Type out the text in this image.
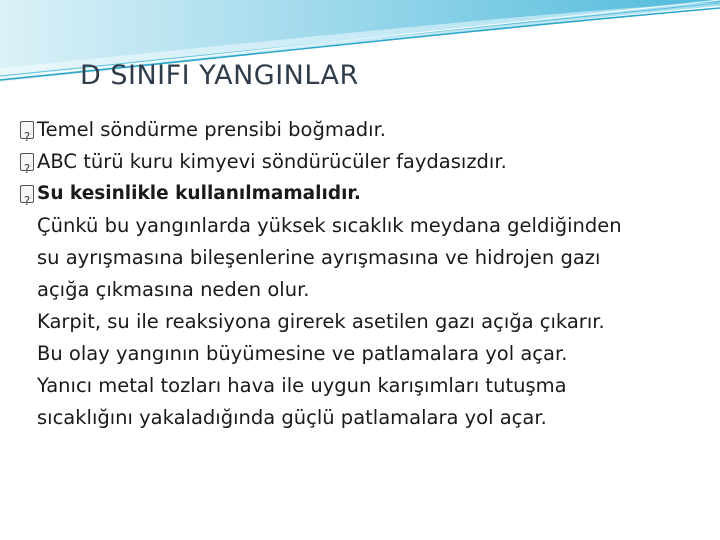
D SINIFI YANGINLAR
?
Temel söndürme prensibi boğmadır.
?
ABC türü kuru kimyevi söndürücüler faydasızdır.
?
Su kesinlikle kullanılmamalıdır.
Çünkü bu yangınlarda yüksek sıcaklık meydana geldiğinden
su ayrışmasına bileşenlerine ayrışmasına ve hidrojen gazı
açığa çıkmasına neden olur.
Karpit, su ile reaksiyona girerek asetilen gazı açığa çıkarır.
Bu olay yangının büyümesine ve patlamalara yol açar.
Yanıcı metal tozları hava ile uygun karışımları tutuşma
sıcaklığını yakaladığında güçlü patlamalara yol açar.
